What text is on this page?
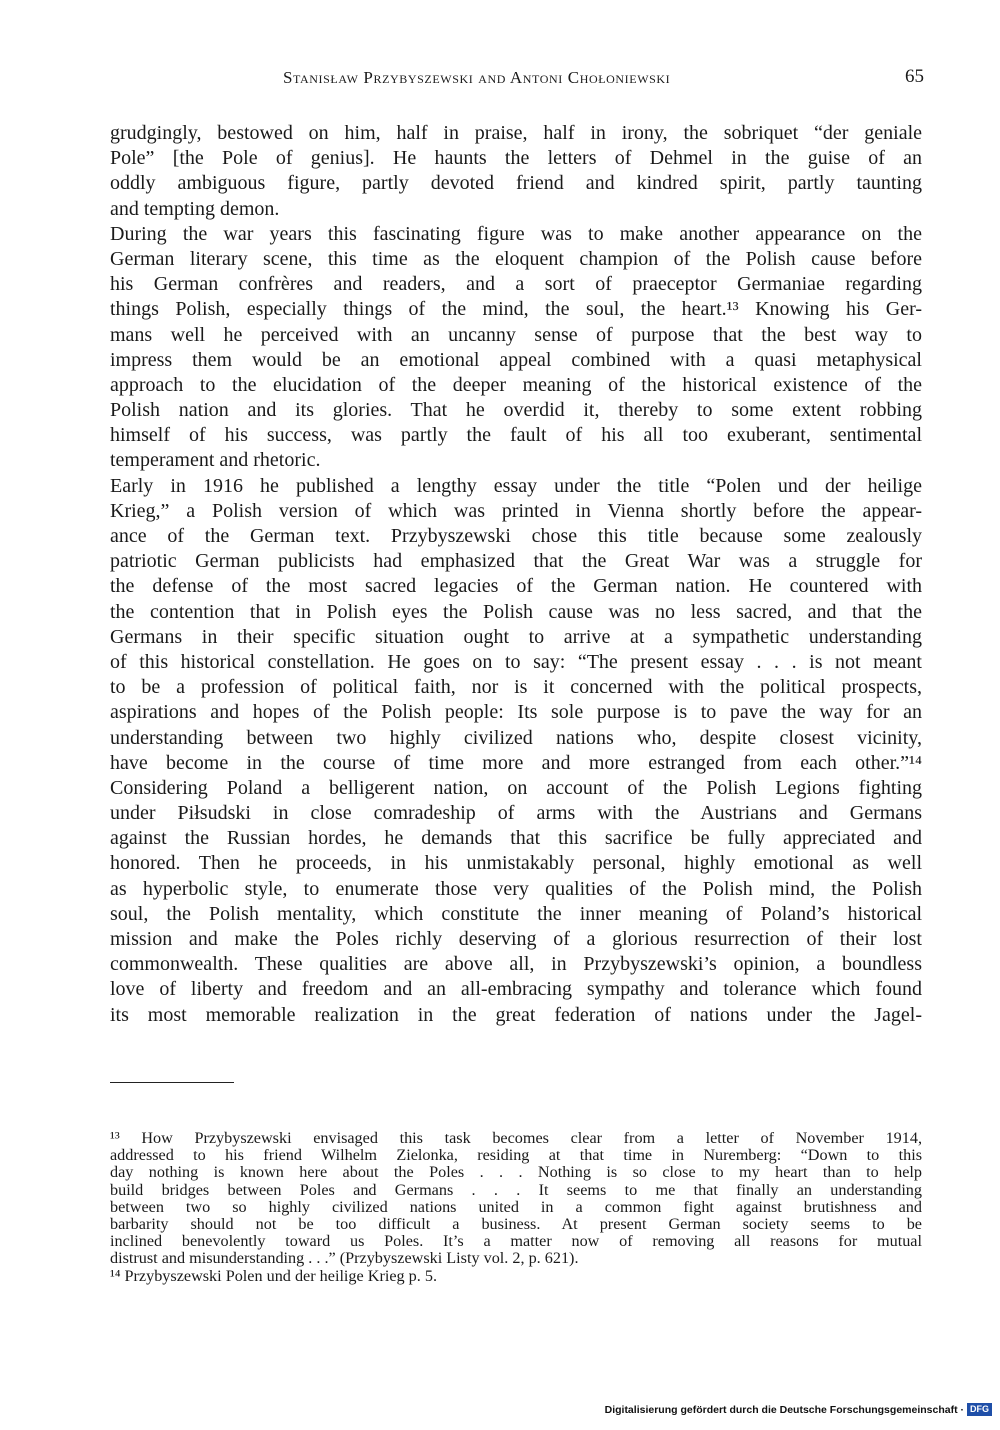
Stanisław Przybyszewski and Antoni Chołoniewski	65
grudgingly, bestowed on him, half in praise, half in irony, the sobriquet “der geniale
Pole” [the Pole of genius]. He haunts the letters of Dehmel in the guise of an
oddly ambiguous figure, partly devoted friend and kindred spirit, partly taunting
and tempting demon.
During the war years this fascinating figure was to make another appearance on the
German literary scene, this time as the eloquent champion of the Polish cause before
his German confrères and readers, and a sort of praeceptor Germaniae regarding
things Polish, especially things of the mind, the soul, the heart.¹³ Knowing his Ger-
mans well he perceived with an uncanny sense of purpose that the best way to
impress them would be an emotional appeal combined with a quasi metaphysical
approach to the elucidation of the deeper meaning of the historical existence of the
Polish nation and its glories. That he overdid it, thereby to some extent robbing
himself of his success, was partly the fault of his all too exuberant, sentimental
temperament and rhetoric.
Early in 1916 he published a lengthy essay under the title “Polen und der heilige
Krieg,” a Polish version of which was printed in Vienna shortly before the appear-
ance of the German text. Przybyszewski chose this title because some zealously
patriotic German publicists had emphasized that the Great War was a struggle for
the defense of the most sacred legacies of the German nation. He countered with
the contention that in Polish eyes the Polish cause was no less sacred, and that the
Germans in their specific situation ought to arrive at a sympathetic understanding
of this historical constellation. He goes on to say: “The present essay . . . is not meant
to be a profession of political faith, nor is it concerned with the political prospects,
aspirations and hopes of the Polish people: Its sole purpose is to pave the way for an
understanding between two highly civilized nations who, despite closest vicinity,
have become in the course of time more and more estranged from each other.”¹⁴
Considering Poland a belligerent nation, on account of the Polish Legions fighting
under Piłsudski in close comradeship of arms with the Austrians and Germans
against the Russian hordes, he demands that this sacrifice be fully appreciated and
honored. Then he proceeds, in his unmistakably personal, highly emotional as well
as hyperbolic style, to enumerate those very qualities of the Polish mind, the Polish
soul, the Polish mentality, which constitute the inner meaning of Poland’s historical
mission and make the Poles richly deserving of a glorious resurrection of their lost
commonwealth. These qualities are above all, in Przybyszewski’s opinion, a boundless
love of liberty and freedom and an all-embracing sympathy and tolerance which found
its most memorable realization in the great federation of nations under the Jagel-
¹³ How Przybyszewski envisaged this task becomes clear from a letter of November 1914,
addressed to his friend Wilhelm Zielonka, residing at that time in Nuremberg: “Down to this
day nothing is known here about the Poles . . . Nothing is so close to my heart than to help
build bridges between Poles and Germans . . . It seems to me that finally an understanding
between two so highly civilized nations united in a common fight against brutishness and
barbarity should not be too difficult a business. At present German society seems to be
inclined benevolently toward us Poles. It’s a matter now of removing all reasons for mutual
distrust and misunderstanding . . .” (Przybyszewski Listy vol. 2, p. 621).
¹⁴ Przybyszewski Polen und der heilige Krieg p. 5.
Digitalisierung gefördert durch die Deutsche Forschungsgemeinschaft · DFG
